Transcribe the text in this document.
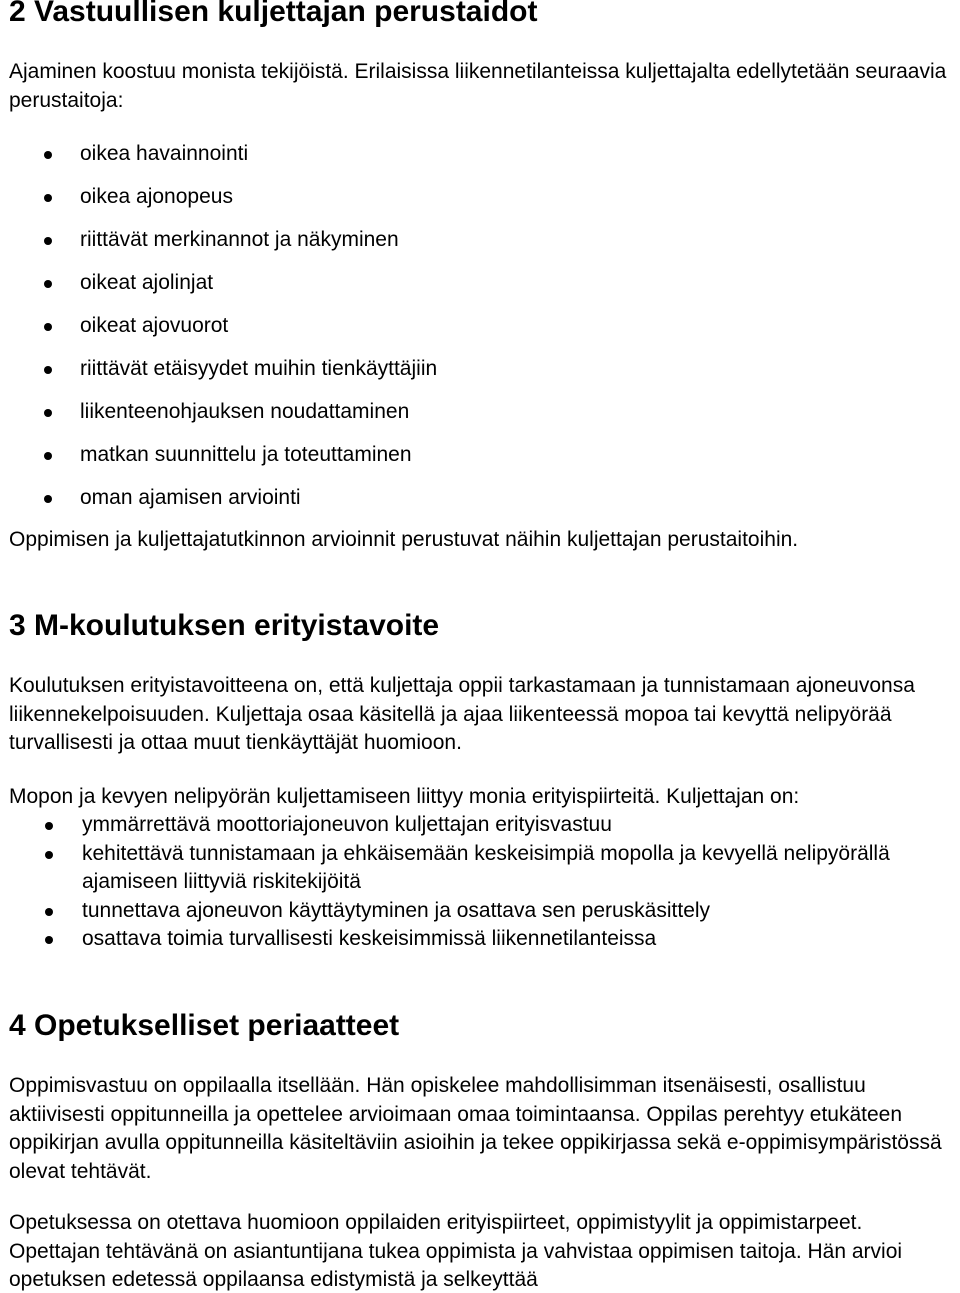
2 Vastuullisen kuljettajan perustaidot

Ajaminen koostuu monista tekijöistä. Erilaisissa liikennetilanteissa kuljettajalta edellytetään seuraavia perustaitoja:

oikea havainnointi
oikea ajonopeus
riittävät merkinannot ja näkyminen
oikeat ajolinjat
oikeat ajovuorot
riittävät etäisyydet muihin tienkäyttäjiin
liikenteenohjauksen noudattaminen
matkan suunnittelu ja toteuttaminen
oman ajamisen arviointi

Oppimisen ja kuljettajatutkinnon arvioinnit perustuvat näihin kuljettajan perustaitoihin.

3 M-koulutuksen erityistavoite

Koulutuksen erityistavoitteena on, että kuljettaja oppii tarkastamaan ja tunnistamaan ajoneuvonsa liikennekelpoisuuden. Kuljettaja osaa käsitellä ja ajaa liikenteessä mopoa tai kevyttä nelipyörää turvallisesti ja ottaa muut tienkäyttäjät huomioon.

Mopon ja kevyen nelipyörän kuljettamiseen liittyy monia erityispiirteitä. Kuljettajan on:

ymmärrettävä moottoriajoneuvon kuljettajan erityisvastuu
kehitettävä tunnistamaan ja ehkäisemään keskeisimpiä mopolla ja kevyellä nelipyörällä ajamiseen liittyviä riskitekijöitä
tunnettava ajoneuvon käyttäytyminen ja osattava sen peruskäsittely
osattava toimia turvallisesti keskeisimmissä liikennetilanteissa
4 Opetukselliset periaatteet

Oppimisvastuu on oppilaalla itsellään. Hän opiskelee mahdollisimman itsenäisesti, osallistuu aktiivisesti oppitunneilla ja opettelee arvioimaan omaa toimintaansa. Oppilas perehtyy etukäteen oppikirjan avulla oppitunneilla käsiteltäviin asioihin ja tekee oppikirjassa sekä e-oppimisympäristössä olevat tehtävät.

Opetuksessa on otettava huomioon oppilaiden erityispiirteet, oppimistyylit ja oppimistarpeet. Opettajan tehtävänä on asiantuntijana tukea oppimista ja vahvistaa oppimisen taitoja. Hän arvioi opetuksen edetessä oppilaansa edistymistä ja selkeyttää
